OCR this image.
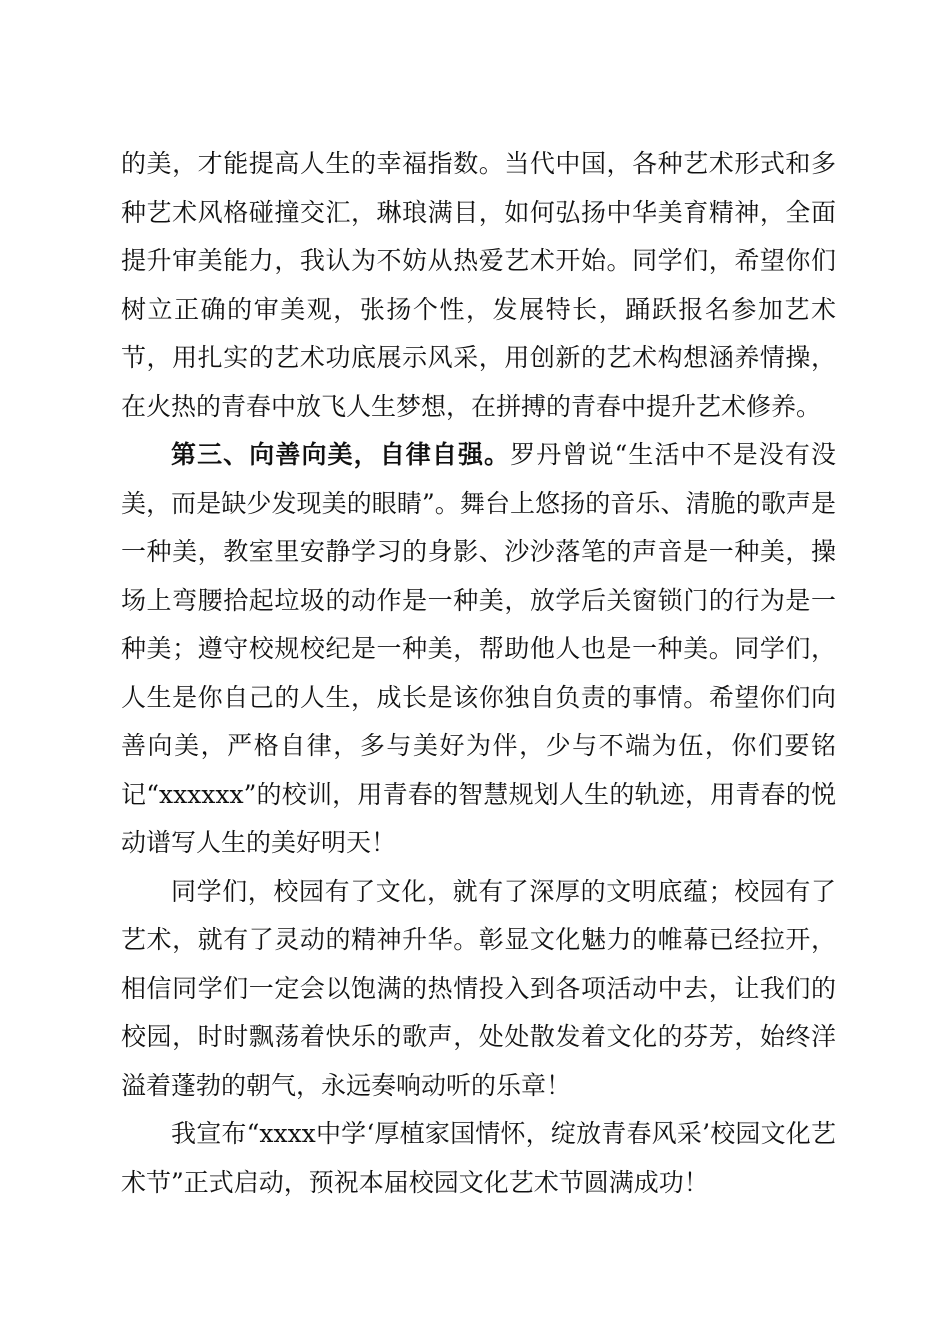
的美，才能提高人生的幸福指数。当代中国，各种艺术形式和多种艺术风格碰撞交汇，琳琅满目，如何弘扬中华美育精神，全面提升审美能力，我认为不妨从热爱艺术开始。同学们，希望你们树立正确的审美观，张扬个性，发展特长，踊跃报名参加艺术节，用扎实的艺术功底展示风采，用创新的艺术构想涵养情操，在火热的青春中放飞人生梦想，在拼搏的青春中提升艺术修养。

第三、向善向美，自律自强。罗丹曾说“生活中不是没有没美，而是缺少发现美的眼睛”。舞台上悠扬的音乐、清脆的歌声是一种美，教室里安静学习的身影、沙沙落笔的声音是一种美，操场上弯腰拾起垃圾的动作是一种美，放学后关窗锁门的行为是一种美；遵守校规校纪是一种美，帮助他人也是一种美。同学们，人生是你自己的人生，成长是该你独自负责的事情。希望你们向善向美，严格自律，多与美好为伴，少与不端为伍，你们要铭记“xxxxxx”的校训，用青春的智慧规划人生的轨迹，用青春的悦动谱写人生的美好明天！

同学们，校园有了文化，就有了深厚的文明底蕴；校园有了艺术，就有了灵动的精神升华。彰显文化魅力的帷幕已经拉开，相信同学们一定会以饱满的热情投入到各项活动中去，让我们的校园，时时飘荡着快乐的歌声，处处散发着文化的芬芳，始终洋溢着蓬勃的朝气，永远奏响动听的乐章！

我宣布“xxxx中学‘厚植家国情怀，绽放青春风采’校园文化艺术节”正式启动，预祝本届校园文化艺术节圆满成功！
